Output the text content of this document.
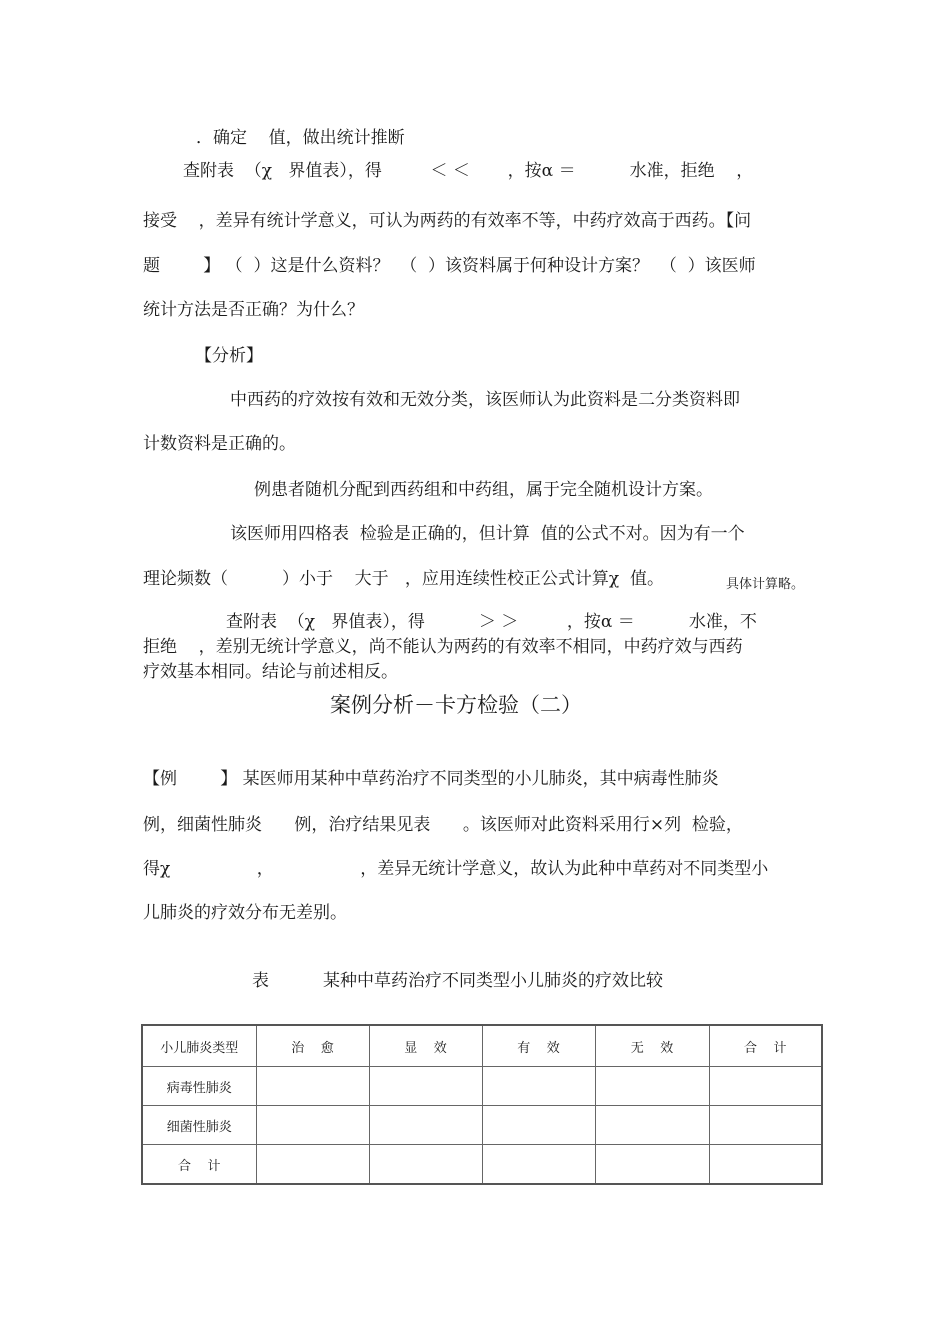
．确定    值，做出统计推断
查附表  （χ   界值表），得         ＜ ＜       ，按α ＝          水准，拒绝    ，
接受    ，差异有统计学意义，可认为两药的有效率不等，中药疗效高于西药。【问
题        】 （  ）这是什么资料？  （  ）该资料属于何种设计方案？  （  ）该医师
统计方法是否正确？为什么？
【分析】
中西药的疗效按有效和无效分类，该医师认为此资料是二分类资料即
计数资料是正确的。
例患者随机分配到西药组和中药组，属于完全随机设计方案。
该医师用四格表  检验是正确的，但计算  值的公式不对。因为有一个
理论频数（          ）小于    大于   ，应用连续性校正公式计算χ  值。	具体计算略。
查附表  （χ   界值表），得          ＞ ＞         ，按α ＝          水准，不
拒绝    ，差别无统计学意义，尚不能认为两药的有效率不相同，中药疗效与西药
疗效基本相同。结论与前述相反。
案例分析－卡方检验（二）
【例        】 某医师用某种中草药治疗不同类型的小儿肺炎，其中病毒性肺炎
例，细菌性肺炎      例，治疗结果见表      。该医师对此资料采用行×列  检验，
得χ                ，                ，差异无统计学意义，故认为此种中草药对不同类型小
儿肺炎的疗效分布无差别。
表          某种中草药治疗不同类型小儿肺炎的疗效比较
小儿肺炎类型	治    愈	显    效	有    效	无    效	合    计
病毒性肺炎					
细菌性肺炎					
合    计					
